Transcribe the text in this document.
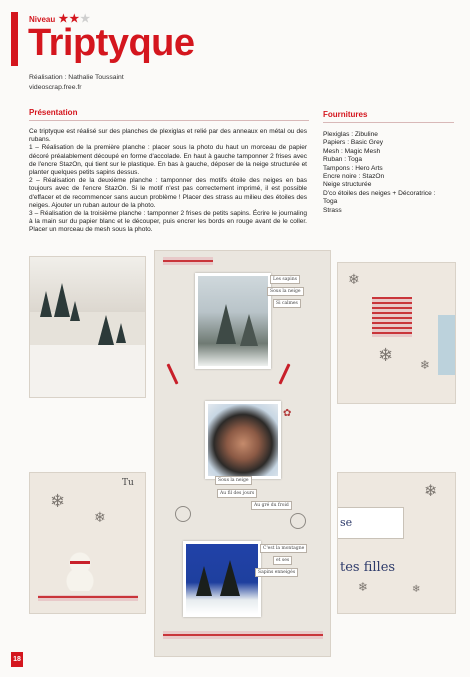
Niveau ★★★
Triptyque
Réalisation : Nathalie Toussaint
videoscrap.free.fr
Présentation

Ce triptyque est réalisé sur des planches de plexiglas et relié par des anneaux en métal ou des rubans.

1 – Réalisation de la première planche : placer sous la photo du haut un morceau de papier décoré préalablement découpé en forme d'accolade. En haut à gauche tamponner 2 frises avec de l'encre StazOn, qui tient sur le plastique. En bas à gauche, déposer de la neige structurée et planter quelques petits sapins dessus.

2 – Réalisation de la deuxième planche : tamponner des motifs étoile des neiges en bas toujours avec de l'encre StazOn. Si le motif n'est pas correctement imprimé, il est possible d'effacer et de recommencer sans aucun problème ! Placer des strass au milieu des étoiles des neiges. Ajouter un ruban autour de la photo.

3 – Réalisation de la troisième planche : tamponner 2 frises de petits sapins. Écrire le journaling à la main sur du papier blanc et le découper, puis encrer les bords en rouge avant de le coller. Placer un morceau de mesh sous la photo.

Fournitures
Plexiglas : Zibuline
Papiers : Basic Grey
Mesh : Magic Mesh
Ruban : Toga
Tampons : Hero Arts
Encre noire : StazOn
Neige structurée
D'co étoiles des neiges + Décoratrice :
Toga
Strass
Les sapins
Sous la neige
Si calmes
✿
Sous la neige
Au fil des jours
Au gré du froid
C'est la montagne
et ses
Sapins enneigés
❄
❄ ❄
Tu
❄
❄
❄
se
tes filles
❄	❄
18
